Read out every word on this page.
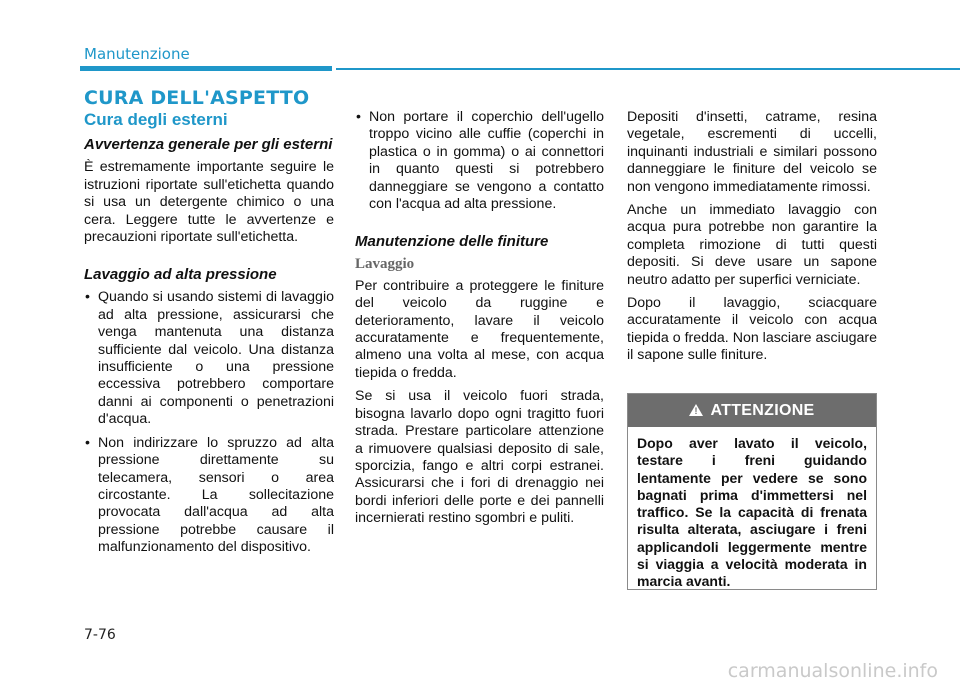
Manutenzione
CURA DELL'ASPETTO
Cura degli esterni
Avvertenza generale per gli esterni

È estremamente importante seguire le istruzioni riportate sull'etichetta quando si usa un detergente chimico o una cera. Leggere tutte le avvertenze e precauzioni riportate sull'etichetta.

Lavaggio ad alta pressione
• Quando si usando sistemi di lavaggio ad alta pressione, assicurarsi che venga mantenuta una distanza sufficiente dal veicolo. Una distanza insufficiente o una pressione eccessiva potrebbero comportare danni ai componenti o penetrazioni d'acqua.
• Non indirizzare lo spruzzo ad alta pressione direttamente su telecamera, sensori o area circostante. La sollecitazione provocata dall'acqua ad alta pressione potrebbe causare il malfunzionamento del dispositivo.
• Non portare il coperchio dell'ugello troppo vicino alle cuffie (coperchi in plastica o in gomma) o ai connettori in quanto questi si potrebbero danneggiare se vengono a contatto con l'acqua ad alta pressione.
Manutenzione delle finiture
Lavaggio

Per contribuire a proteggere le finiture del veicolo da ruggine e deterioramento, lavare il veicolo accuratamente e frequentemente, almeno una volta al mese, con acqua tiepida o fredda.

Se si usa il veicolo fuori strada, bisogna lavarlo dopo ogni tragitto fuori strada. Prestare particolare attenzione a rimuovere qualsiasi deposito di sale, sporcizia, fango e altri corpi estranei. Assicurarsi che i fori di drenaggio nei bordi inferiori delle porte e dei pannelli incernierati restino sgombri e puliti.

Depositi d'insetti, catrame, resina vegetale, escrementi di uccelli, inquinanti industriali e similari possono danneggiare le finiture del veicolo se non vengono immediatamente rimossi.

Anche un immediato lavaggio con acqua pura potrebbe non garantire la completa rimozione di tutti questi depositi. Si deve usare un sapone neutro adatto per superfici verniciate.

Dopo il lavaggio, sciacquare accuratamente il veicolo con acqua tiepida o fredda. Non lasciare asciugare il sapone sulle finiture.

! ATTENZIONE
Dopo aver lavato il veicolo, testare i freni guidando lentamente per vedere se sono bagnati prima d'immettersi nel traffico. Se la capacità di frenata risulta alterata, asciugare i freni applicandoli leggermente mentre si viaggia a velocità moderata in marcia avanti.
7-76
carmanualsonline.info
